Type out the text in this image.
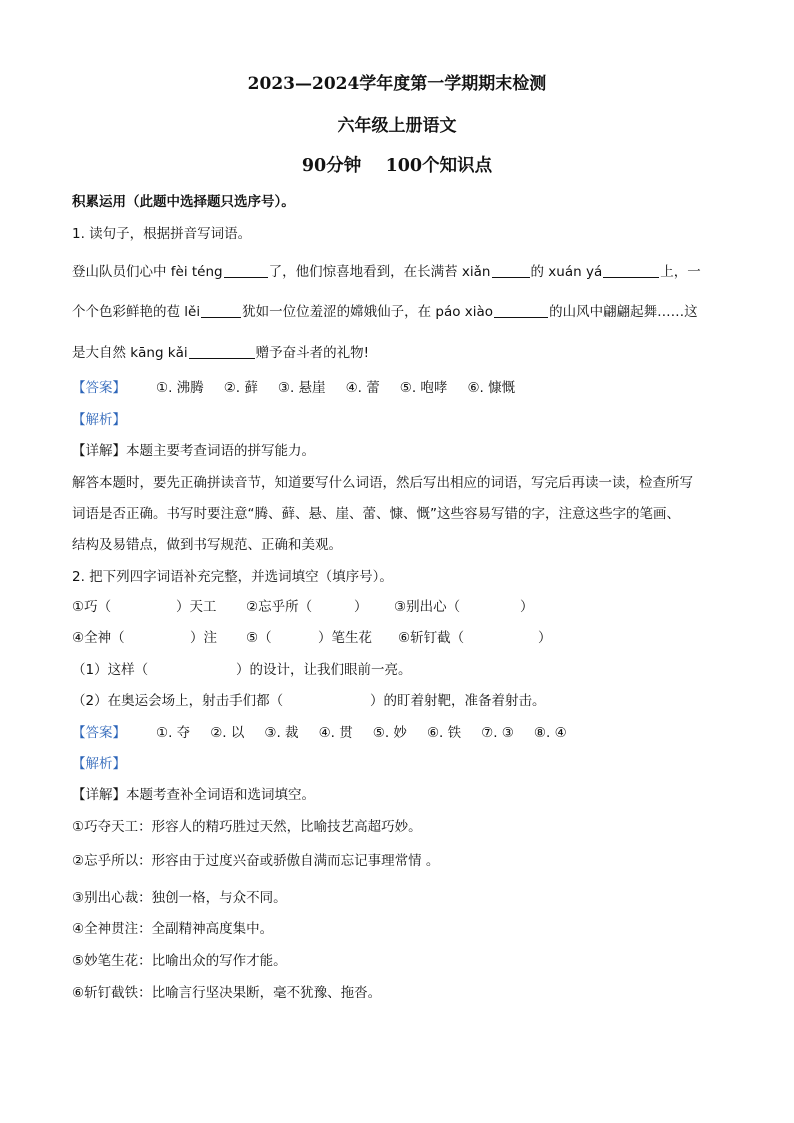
2023—2024学年度第一学期期末检测
六年级上册语文
90分钟    100个知识点
积累运用（此题中选择题只选序号）。
1. 读句子，根据拼音写词语。
登山队员们心中 fèi téng	了，他们惊喜地看到，在长满苔 xiǎn	的 xuán yá	上，一
个个色彩鲜艳的苞 lěi	犹如一位位羞涩的嫦娥仙子，在 páo xiào	的山风中翩翩起舞……这
是大自然 kāng kǎi	赠予奋斗者的礼物!
【答案】 ①. 沸腾 ②. 藓 ③. 悬崖 ④. 蕾 ⑤. 咆哮 ⑥. 慷慨
【解析】
【详解】本题主要考查词语的拼写能力。
解答本题时，要先正确拼读音节，知道要写什么词语，然后写出相应的词语，写完后再读一读，检查所写
词语是否正确。书写时要注意“腾、藓、悬、崖、蕾、慷、慨”这些容易写错的字，注意这些字的笔画、
结构及易错点，做到书写规范、正确和美观。
2. 把下列四字词语补充完整，并选词填空（填序号）。
①巧（	）天工 ②忘乎所（	） ③别出心（	）
④全神（	）注 ⑤（	）笔生花 ⑥斩钉截（	）
（1）这样（	）的设计，让我们眼前一亮。
（2）在奥运会场上，射击手们都（	）的盯着射靶，准备着射击。
【答案】 ①. 夺 ②. 以 ③. 裁 ④. 贯 ⑤. 妙 ⑥. 铁 ⑦. ③ ⑧. ④
【解析】
【详解】本题考查补全词语和选词填空。
①巧夺天工：形容人的精巧胜过天然，比喻技艺高超巧妙。
②忘乎所以：形容由于过度兴奋或骄傲自满而忘记事理常情 。
③别出心裁：独创一格，与众不同。
④全神贯注：全副精神高度集中。
⑤妙笔生花：比喻出众的写作才能。
⑥斩钉截铁：比喻言行坚决果断，毫不犹豫、拖沓。
